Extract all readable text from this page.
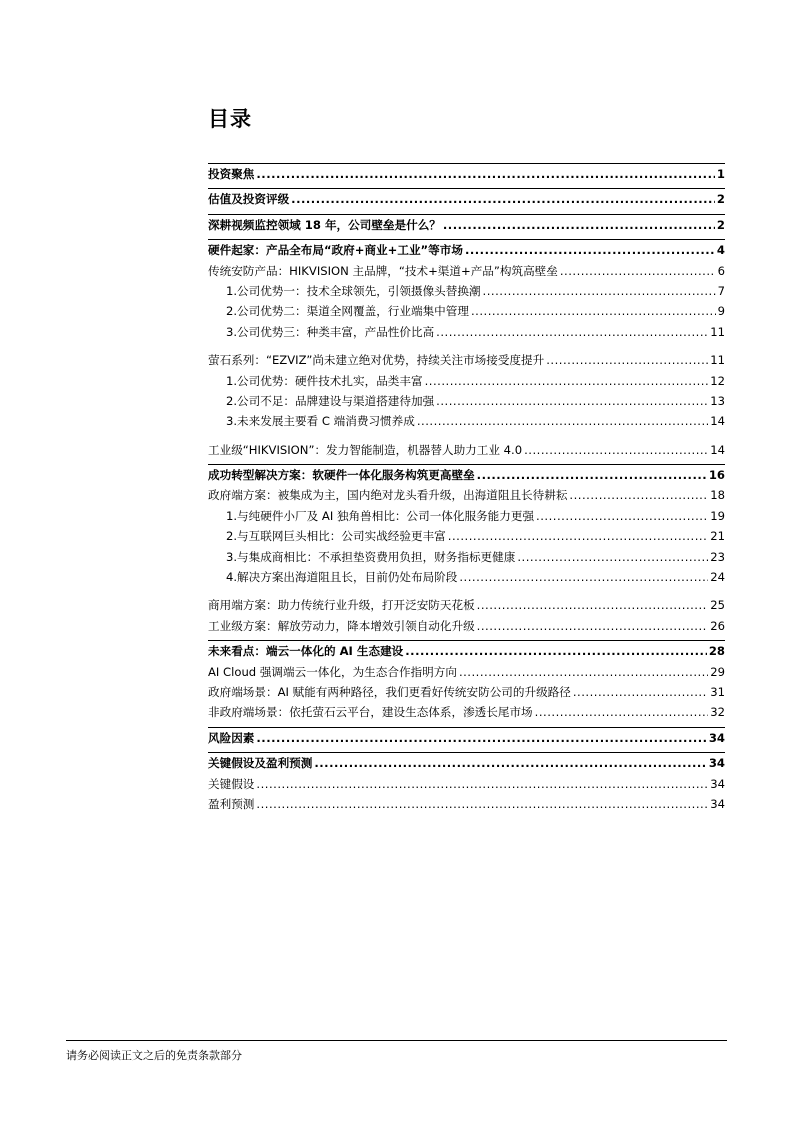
目录
投资聚焦 .....	1
估值及投资评级 .....	2
深耕视频监控领域 18 年，公司壁垒是什么？ .....	2
硬件起家：产品全布局“政府+商业+工业”等市场 .....	4
传统安防产品：HIKVISION 主品牌，“技术+渠道+产品”构筑高壁垒 .....	6
1.公司优势一：技术全球领先，引领摄像头替换潮 .....	7
2.公司优势二：渠道全网覆盖，行业端集中管理 .....	9
3.公司优势三：种类丰富，产品性价比高 .....	11
萤石系列：“EZVIZ”尚未建立绝对优势，持续关注市场接受度提升 .....	11
1.公司优势：硬件技术扎实，品类丰富 .....	12
2.公司不足：品牌建设与渠道搭建待加强 .....	13
3.未来发展主要看 C 端消费习惯养成 .....	14
工业级“HIKVISION”：发力智能制造，机器替人助力工业 4.0 .....	14
成功转型解决方案：软硬件一体化服务构筑更高壁垒 .....	16
政府端方案：被集成为主，国内绝对龙头看升级，出海道阻且长待耕耘 .....	18
1.与纯硬件小厂及 AI 独角兽相比：公司一体化服务能力更强 .....	19
2.与互联网巨头相比：公司实战经验更丰富 .....	21
3.与集成商相比：不承担垫资费用负担，财务指标更健康 .....	23
4.解决方案出海道阻且长，目前仍处布局阶段 .....	24
商用端方案：助力传统行业升级，打开泛安防天花板 .....	25
工业级方案：解放劳动力，降本增效引领自动化升级 .....	26
未来看点：端云一体化的 AI 生态建设 .....	28
AI Cloud 强调端云一体化，为生态合作指明方向 .....	29
政府端场景：AI 赋能有两种路径，我们更看好传统安防公司的升级路径 .....	31
非政府端场景：依托萤石云平台，建设生态体系，渗透长尾市场 .....	32
风险因素 .....	34
关键假设及盈利预测 .....	34
关键假设 .....	34
盈利预测 .....	34
请务必阅读正文之后的免责条款部分
